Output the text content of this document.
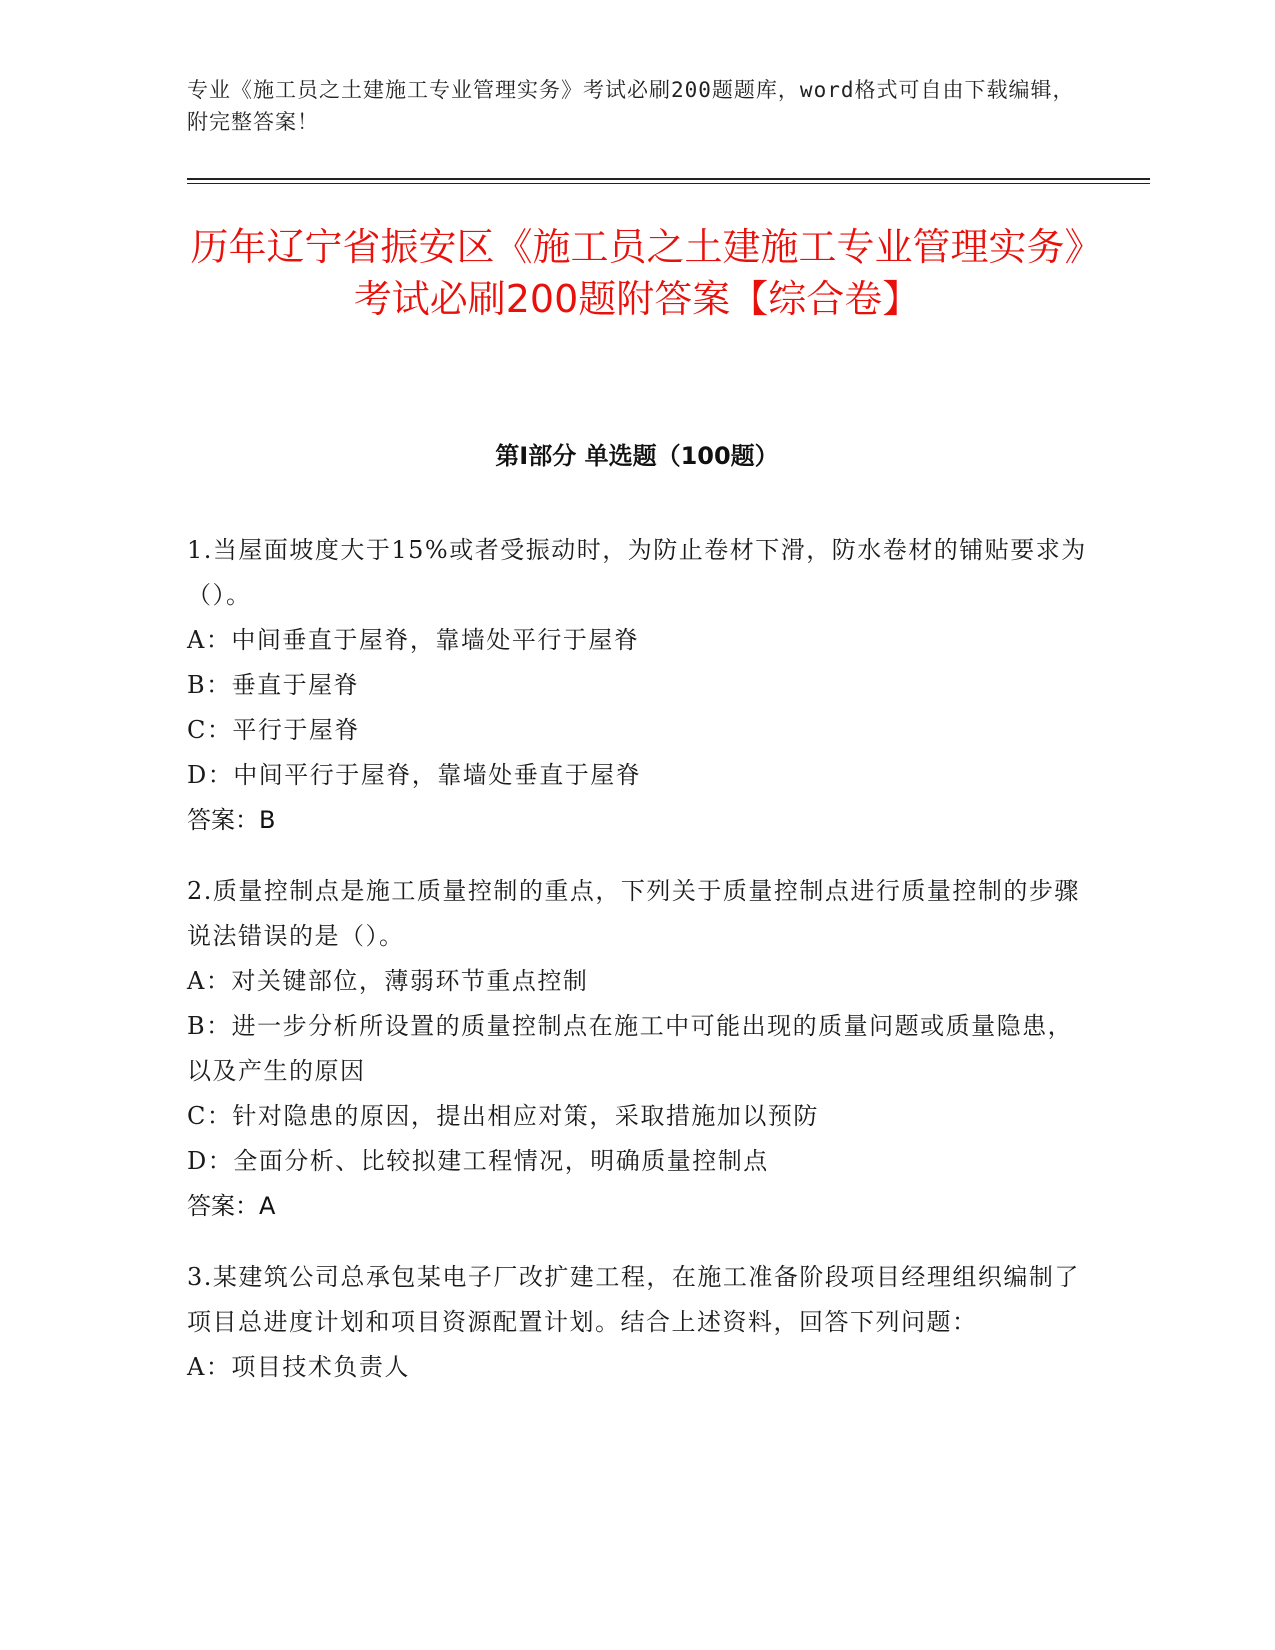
专业《施工员之土建施工专业管理实务》考试必刷200题题库，word格式可自由下载编辑，附完整答案！
历年辽宁省振安区《施工员之土建施工专业管理实务》考试必刷200题附答案【综合卷】
第Ⅰ部分 单选题（100题）

1.当屋面坡度大于15%或者受振动时，为防止卷材下滑，防水卷材的铺贴要求为（）。

A：中间垂直于屋脊，靠墙处平行于屋脊

B：垂直于屋脊

C：平行于屋脊

D：中间平行于屋脊，靠墙处垂直于屋脊

答案：B

2.质量控制点是施工质量控制的重点，下列关于质量控制点进行质量控制的步骤说法错误的是（）。

A：对关键部位，薄弱环节重点控制

B：进一步分析所设置的质量控制点在施工中可能出现的质量问题或质量隐患，以及产生的原因

C：针对隐患的原因，提出相应对策，采取措施加以预防

D：全面分析、比较拟建工程情况，明确质量控制点

答案：A

3.某建筑公司总承包某电子厂改扩建工程，在施工准备阶段项目经理组织编制了项目总进度计划和项目资源配置计划。结合上述资料，回答下列问题：

A：项目技术负责人
